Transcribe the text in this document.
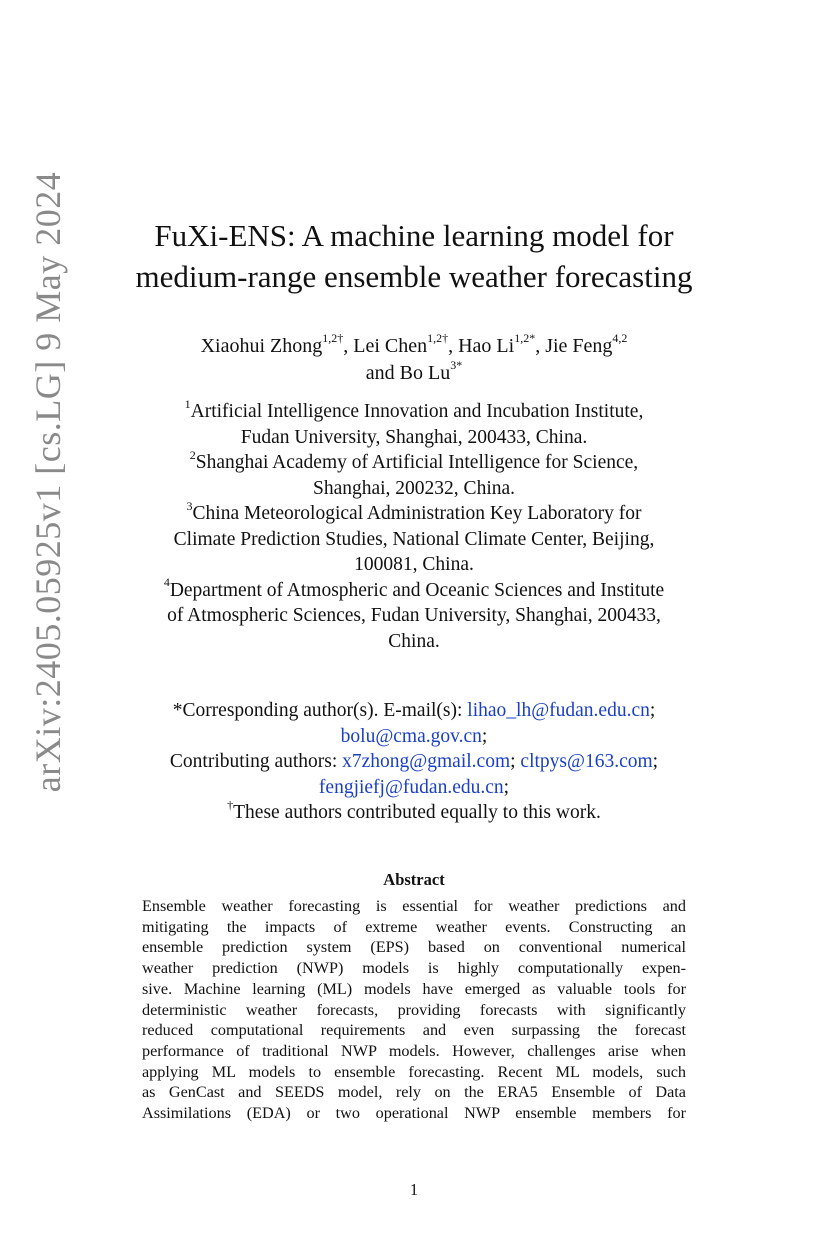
arXiv:2405.05925v1 [cs.LG] 9 May 2024	FuXi-ENS: A machine learning model for
medium-range ensemble weather forecasting
Xiaohui Zhong$^{1,2\dagger}$, Lei Chen$^{1,2\dagger}$, Hao $Li^{1,2*}$, Jie Feng$^{4,2}$
and Bo $Lu^{3*}$
$^1$Artificial Intelligence Innovation and Incubation Institute,
Fudan University, Shanghai, 200433, China.
$^2$Shanghai Academy of Artificial Intelligence for Science,
Shanghai, 200232, China.
$^3$China Meteorological Administration Key Laboratory for
Climate Prediction Studies, National Climate Center, Beijing,
100081, China.
$^4$Department of Atmospheric and Oceanic Sciences and Institute
of Atmospheric Sciences, Fudan University, Shanghai, 200433,
China.
*Corresponding author(s). E-mail(s): lihao_lh@fudan.edu.cn;
bolu@cma.gov.cn;
Contributing authors: x7zhong@gmail.com; cltpys@163.com;
fengjiefj@fudan.edu.cn;
†These authors contributed equally to this work.
Abstract
Ensemble weather forecasting is essential for weather predictions and
mitigating the impacts of extreme weather events. Constructing an
ensemble prediction system (EPS) based on conventional numerical
weather prediction (NWP) models is highly computationally expen-
sive. Machine learning (ML) models have emerged as valuable tools for
deterministic weather forecasts, providing forecasts with significantly
reduced computational requirements and even surpassing the forecast
performance of traditional NWP models. However, challenges arise when
applying ML models to ensemble forecasting. Recent ML models, such
as GenCast and SEEDS model, rely on the ERA5 Ensemble of Data
Assimilations (EDA) or two operational NWP ensemble members for
1
